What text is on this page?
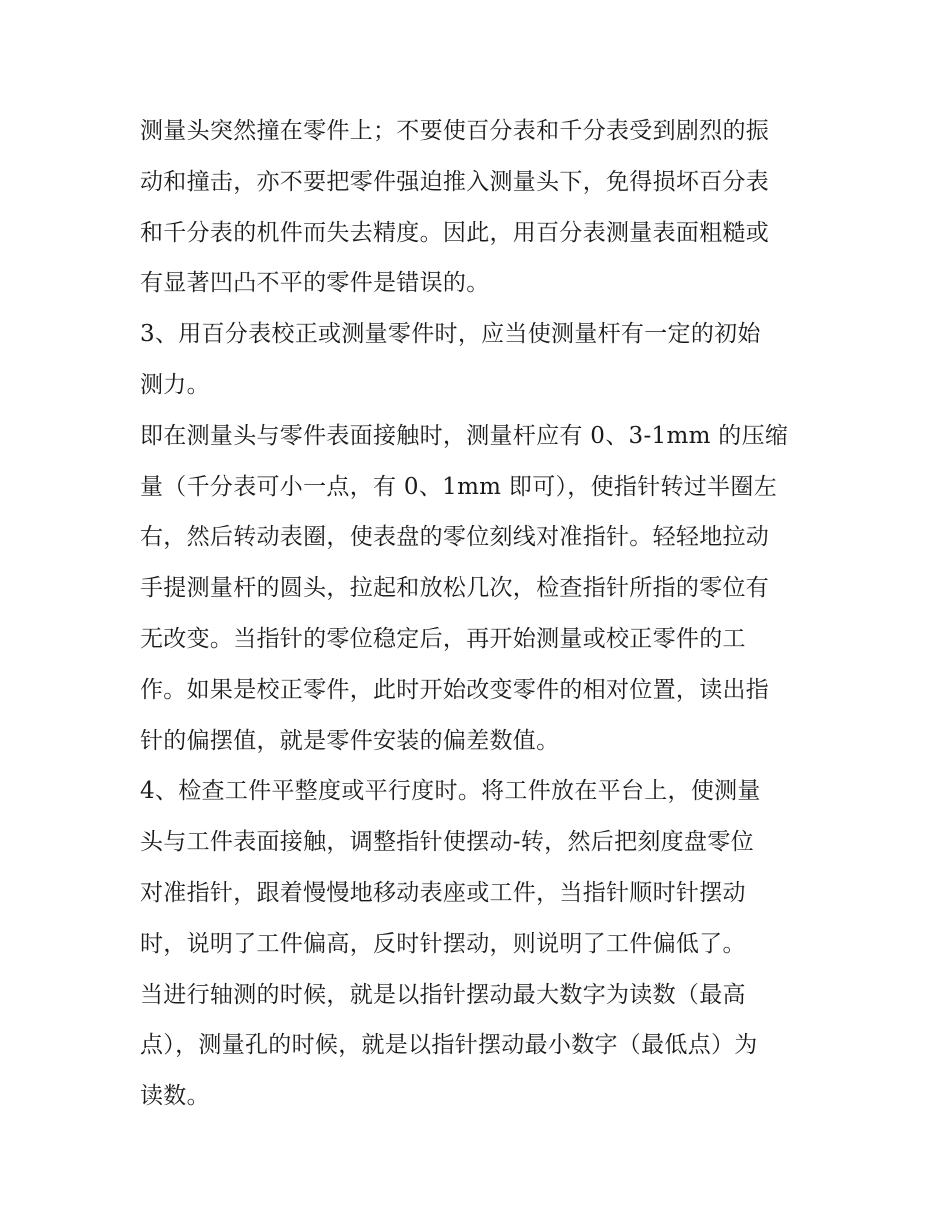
测量头突然撞在零件上；不要使百分表和千分表受到剧烈的振
动和撞击，亦不要把零件强迫推入测量头下，免得损坏百分表
和千分表的机件而失去精度。因此，用百分表测量表面粗糙或
有显著凹凸不平的零件是错误的。
3、用百分表校正或测量零件时，应当使测量杆有一定的初始
测力。
即在测量头与零件表面接触时，测量杆应有 0、3-1mm 的压缩
量（千分表可小一点，有 0、1mm 即可），使指针转过半圈左
右，然后转动表圈，使表盘的零位刻线对准指针。轻轻地拉动
手提测量杆的圆头，拉起和放松几次，检查指针所指的零位有
无改变。当指针的零位稳定后，再开始测量或校正零件的工
作。如果是校正零件，此时开始改变零件的相对位置，读出指
针的偏摆值，就是零件安装的偏差数值。
4、检查工件平整度或平行度时。将工件放在平台上，使测量
头与工件表面接触，调整指针使摆动-转，然后把刻度盘零位
对准指针，跟着慢慢地移动表座或工件，当指针顺时针摆动
时，说明了工件偏高，反时针摆动，则说明了工件偏低了。
当进行轴测的时候，就是以指针摆动最大数字为读数（最高
点），测量孔的时候，就是以指针摆动最小数字（最低点）为
读数。
